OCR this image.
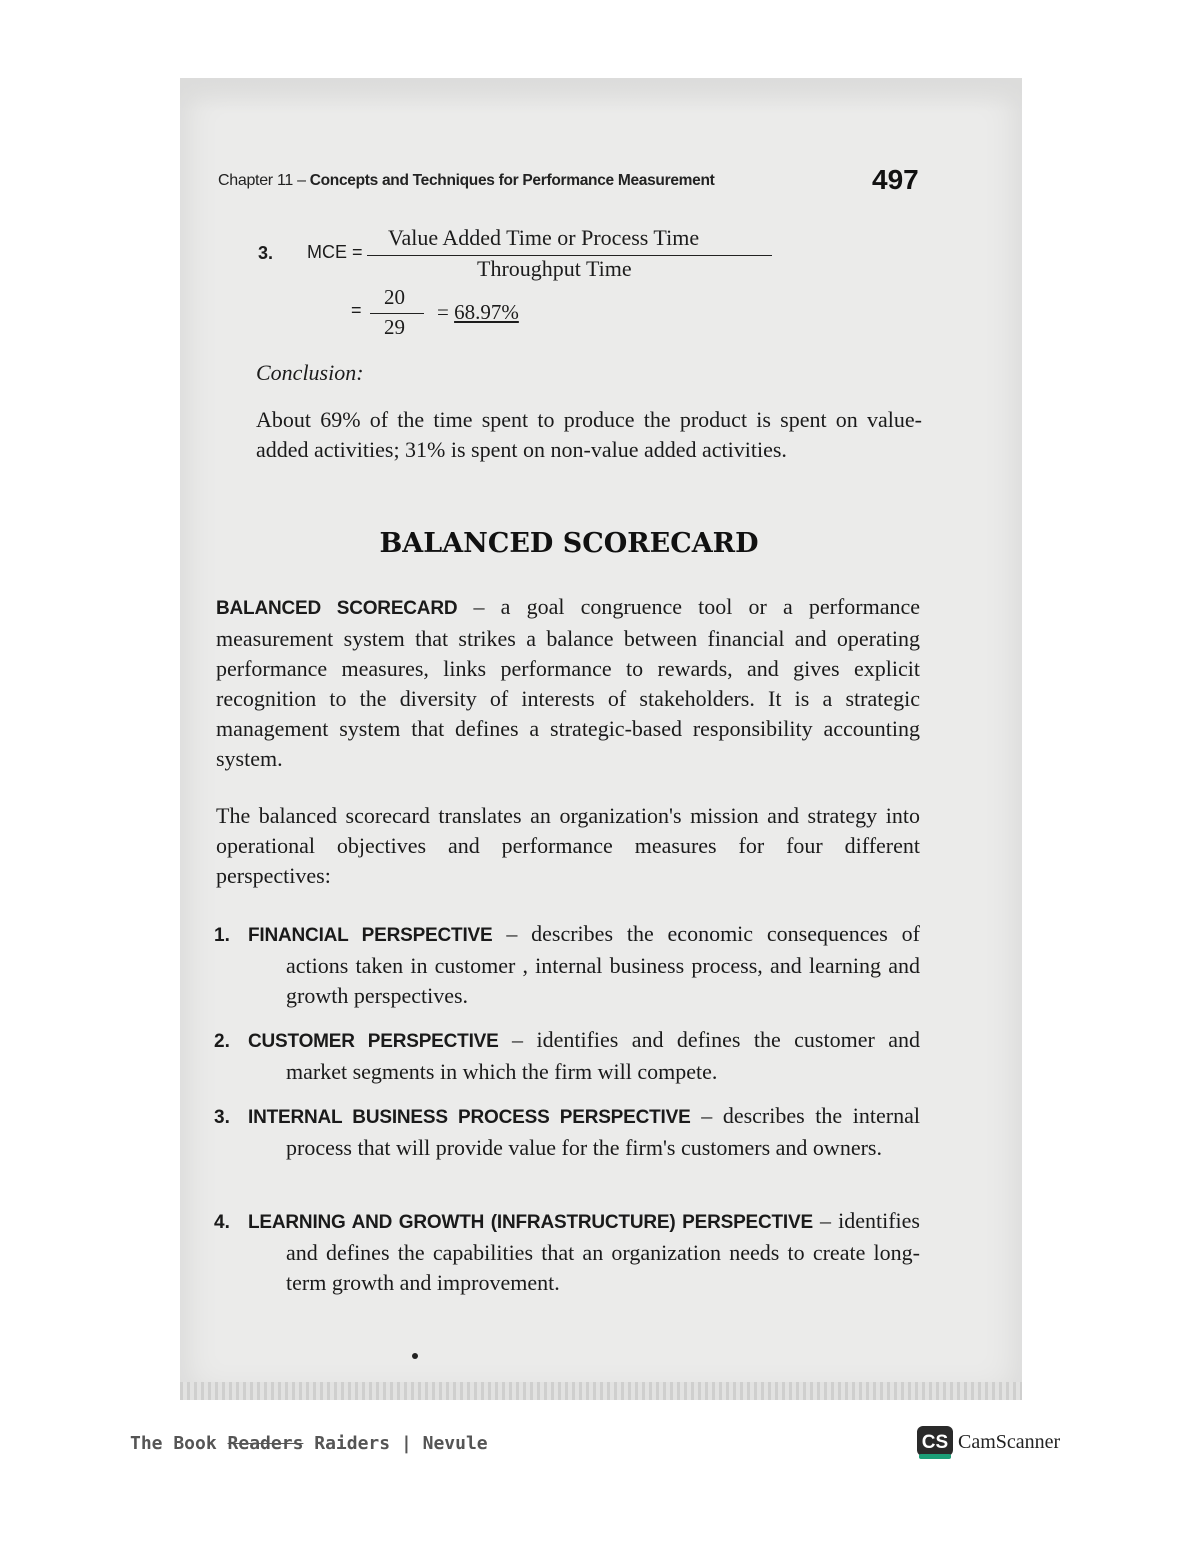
Chapter 11 – Concepts and Techniques for Performance Measurement	497
3. MCE =
Value Added Time or Process Time
Throughput Time
=
20
29
= 68.97%
Conclusion:
About 69% of the time spent to produce the product is spent on value-added activities; 31% is spent on non-value added activities.
BALANCED SCORECARD
BALANCED SCORECARD – a goal congruence tool or a performance measurement system that strikes a balance between financial and operating performance measures, links performance to rewards, and gives explicit recognition to the diversity of interests of stakeholders. It is a strategic management system that defines a strategic-based responsibility accounting system.
The balanced scorecard translates an organization's mission and strategy into operational objectives and performance measures for four different perspectives:
1. FINANCIAL PERSPECTIVE – describes the economic consequences of
actions taken in customer , internal business process, and learning and growth perspectives.
2. CUSTOMER PERSPECTIVE – identifies and defines the customer and
market segments in which the firm will compete.
3. INTERNAL BUSINESS PROCESS PERSPECTIVE – describes the internal
process that will provide value for the firm's customers and owners.
4. LEARNING AND GROWTH (INFRASTRUCTURE) PERSPECTIVE – identifies
and defines the capabilities that an organization needs to create long-term growth and improvement.
The Book Readers Raiders | Nevule	CS CamScanner
